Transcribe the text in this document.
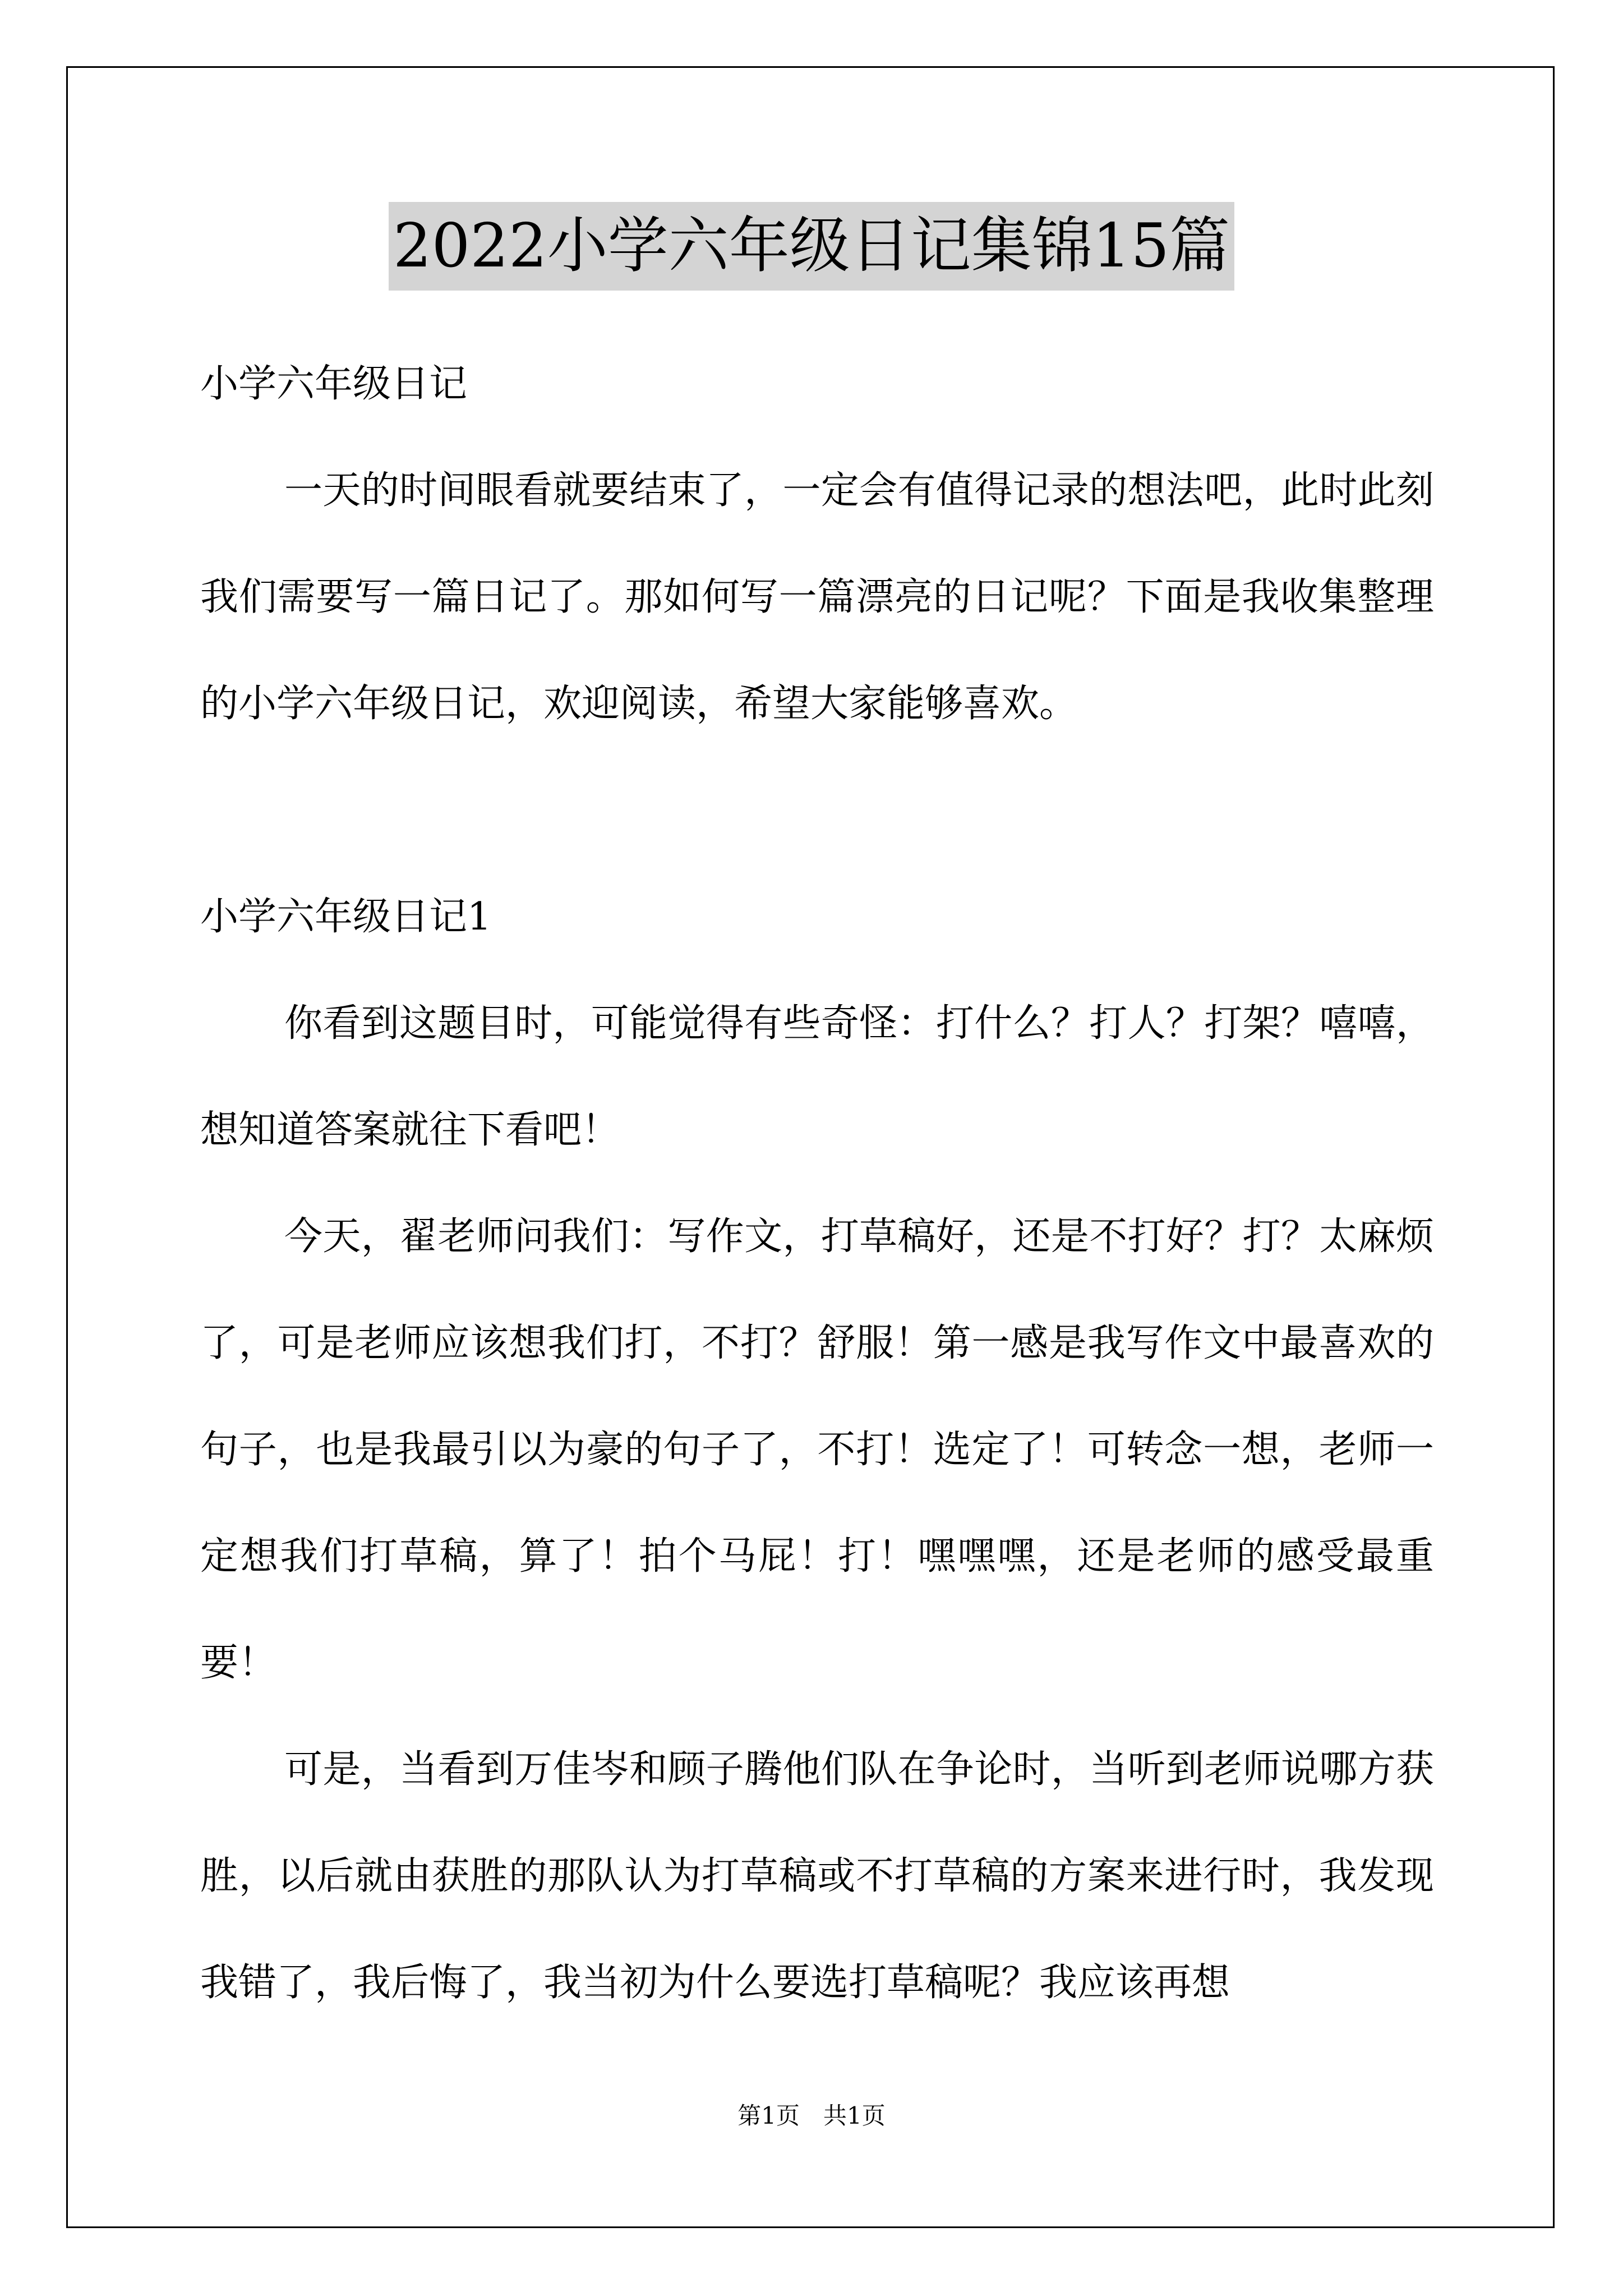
2022小学六年级日记集锦15篇

小学六年级日记

一天的时间眼看就要结束了，一定会有值得记录的想法吧，此时此刻我们需要写一篇日记了。那如何写一篇漂亮的日记呢？下面是我收集整理的小学六年级日记，欢迎阅读，希望大家能够喜欢。

小学六年级日记1

你看到这题目时，可能觉得有些奇怪：打什么？打人？打架？嘻嘻，想知道答案就往下看吧！

今天，翟老师问我们：写作文，打草稿好，还是不打好？打？太麻烦了，可是老师应该想我们打，不打？舒服！第一感是我写作文中最喜欢的句子，也是我最引以为豪的句子了，不打！选定了！可转念一想，老师一定想我们打草稿，算了！拍个马屁！打！嘿嘿嘿，还是老师的感受最重要！

可是，当看到万佳岑和顾子腾他们队在争论时，当听到老师说哪方获胜，以后就由获胜的那队认为打草稿或不打草稿的方案来进行时，我发现我错了，我后悔了，我当初为什么要选打草稿呢？我应该再想

第1页　共1页
